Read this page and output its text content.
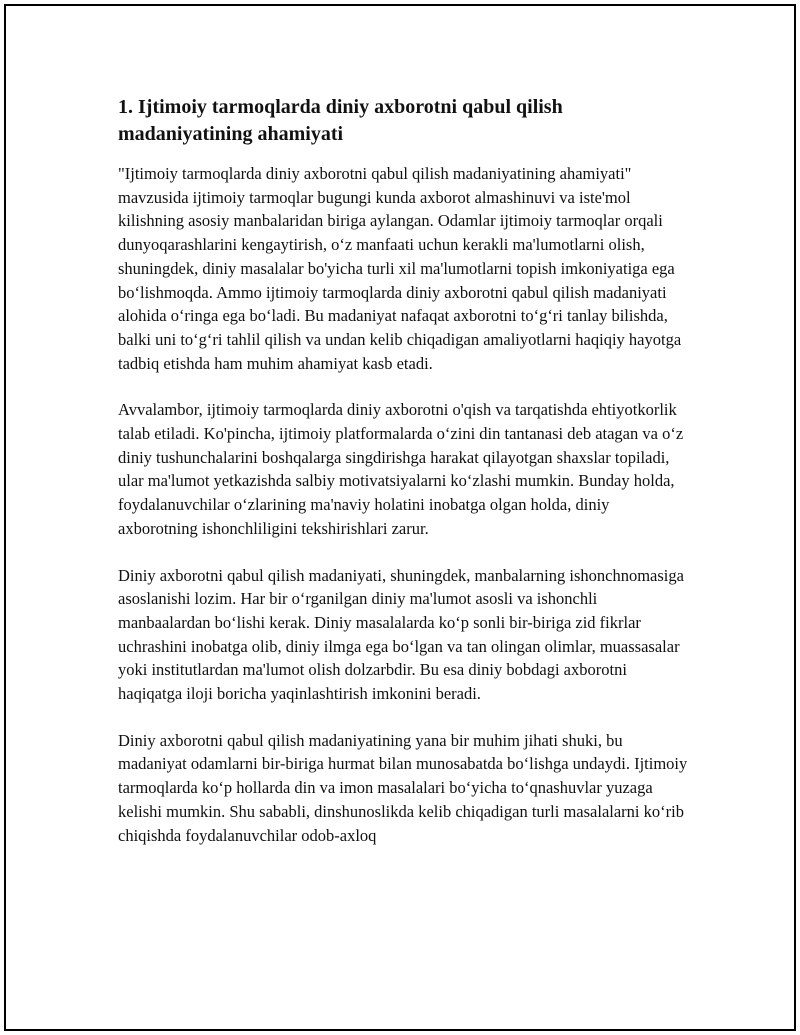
1. Ijtimoiy tarmoqlarda diniy axborotni qabul qilish madaniyatining ahamiyati

"Ijtimoiy tarmoqlarda diniy axborotni qabul qilish madaniyatining ahamiyati" mavzusida ijtimoiy tarmoqlar bugungi kunda axborot almashinuvi va iste'mol kilishning asosiy manbalaridan biriga aylangan. Odamlar ijtimoiy tarmoqlar orqali dunyoqarashlarini kengaytirish, oʻz manfaati uchun kerakli ma'lumotlarni olish, shuningdek, diniy masalalar bo'yicha turli xil ma'lumotlarni topish imkoniyatiga ega boʻlishmoqda. Ammo ijtimoiy tarmoqlarda diniy axborotni qabul qilish madaniyati alohida oʻringa ega boʻladi. Bu madaniyat nafaqat axborotni toʻgʻri tanlay bilishda, balki uni toʻgʻri tahlil qilish va undan kelib chiqadigan amaliyotlarni haqiqiy hayotga tadbiq etishda ham muhim ahamiyat kasb etadi.

Avvalambor, ijtimoiy tarmoqlarda diniy axborotni o'qish va tarqatishda ehtiyotkorlik talab etiladi. Ko'pincha, ijtimoiy platformalarda oʻzini din tantanasi deb atagan va oʻz diniy tushunchalarini boshqalarga singdirishga harakat qilayotgan shaxslar topiladi, ular ma'lumot yetkazishda salbiy motivatsiyalarni koʻzlashi mumkin. Bunday holda, foydalanuvchilar oʻzlarining ma'naviy holatini inobatga olgan holda, diniy axborotning ishonchliligini tekshirishlari zarur.

Diniy axborotni qabul qilish madaniyati, shuningdek, manbalarning ishonchnomasiga asoslanishi lozim. Har bir oʻrganilgan diniy ma'lumot asosli va ishonchli manbaalardan boʻlishi kerak. Diniy masalalarda koʻp sonli bir-biriga zid fikrlar uchrashini inobatga olib, diniy ilmga ega boʻlgan va tan olingan olimlar, muassasalar yoki institutlardan ma'lumot olish dolzarbdir. Bu esa diniy bobdagi axborotni haqiqatga iloji boricha yaqinlashtirish imkonini beradi.

Diniy axborotni qabul qilish madaniyatining yana bir muhim jihati shuki, bu madaniyat odamlarni bir-biriga hurmat bilan munosabatda boʻlishga undaydi. Ijtimoiy tarmoqlarda koʻp hollarda din va imon masalalari boʻyicha toʻqnashuvlar yuzaga kelishi mumkin. Shu sababli, dinshunoslikda kelib chiqadigan turli masalalarni koʻrib chiqishda foydalanuvchilar odob-axloq
